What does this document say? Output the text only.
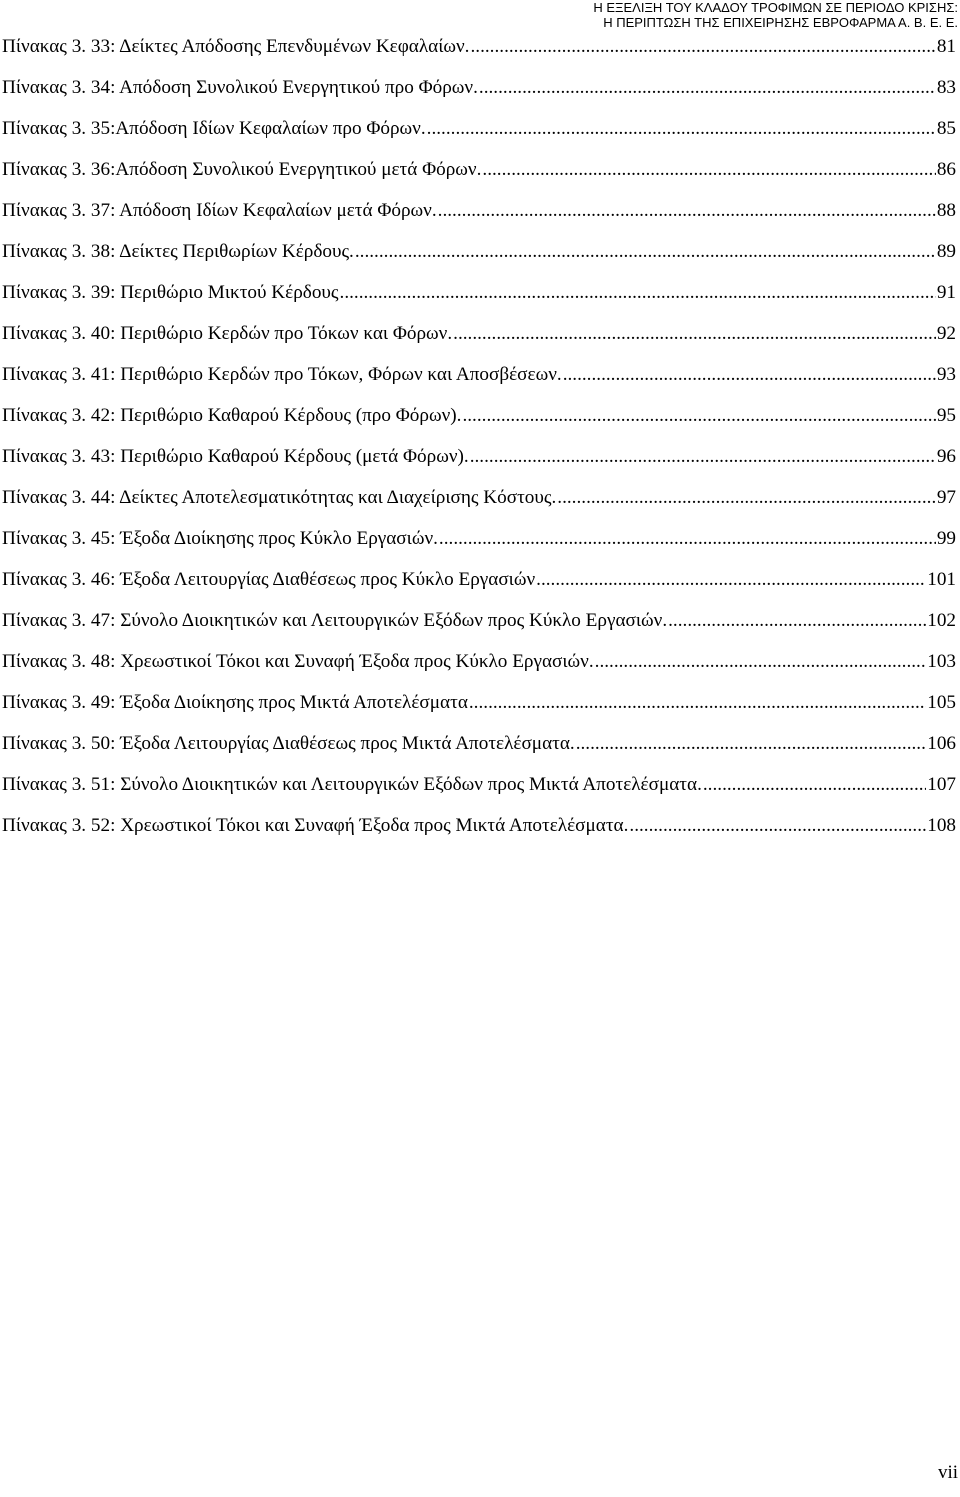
Η ΕΞΕΛΙΞΗ ΤΟΥ ΚΛΑΔΟΥ ΤΡΟΦΙΜΩΝ ΣΕ ΠΕΡΙΟΔΟ ΚΡΙΣΗΣ:
Η ΠΕΡΙΠΤΩΣΗ ΤΗΣ ΕΠΙΧΕΙΡΗΣΗΣ ΕΒΡΟΦΑΡΜΑ Α. Β. Ε. Ε.
Πίνακας 3. 33: Δείκτες Απόδοσης Επενδυμένων Κεφαλαίων. .....	81
Πίνακας 3. 34: Απόδοση Συνολικού Ενεργητικού προ Φόρων. .....	83
Πίνακας 3. 35:Απόδοση Ιδίων Κεφαλαίων προ Φόρων. .....	85
Πίνακας 3. 36:Απόδοση Συνολικού Ενεργητικού μετά Φόρων. .....	86
Πίνακας 3. 37: Απόδοση Ιδίων Κεφαλαίων μετά Φόρων. .....	88
Πίνακας 3. 38: Δείκτες Περιθωρίων Κέρδους. .....	89
Πίνακας 3. 39: Περιθώριο Μικτού Κέρδους .....	91
Πίνακας 3. 40: Περιθώριο Κερδών προ Τόκων και Φόρων. .....	92
Πίνακας 3. 41: Περιθώριο Κερδών προ Τόκων, Φόρων και Αποσβέσεων. .....	93
Πίνακας 3. 42: Περιθώριο Καθαρού Κέρδους (προ Φόρων). .....	95
Πίνακας 3. 43: Περιθώριο Καθαρού Κέρδους (μετά Φόρων). .....	96
Πίνακας 3. 44: Δείκτες Αποτελεσματικότητας και Διαχείρισης Κόστους. .....	97
Πίνακας 3. 45: Έξοδα Διοίκησης προς Κύκλο Εργασιών. .....	99
Πίνακας 3. 46: Έξοδα Λειτουργίας Διαθέσεως προς Κύκλο Εργασιών .....	101
Πίνακας 3. 47: Σύνολο Διοικητικών και Λειτουργικών Εξόδων προς Κύκλο Εργασιών. .....	102
Πίνακας 3. 48: Χρεωστικοί Τόκοι και Συναφή Έξοδα προς Κύκλο Εργασιών. .....	103
Πίνακας 3. 49: Έξοδα Διοίκησης προς Μικτά Αποτελέσματα .....	105
Πίνακας 3. 50: Έξοδα Λειτουργίας Διαθέσεως προς Μικτά Αποτελέσματα. .....	106
Πίνακας 3. 51: Σύνολο Διοικητικών και Λειτουργικών Εξόδων προς Μικτά Αποτελέσματα. .....	107
Πίνακας 3. 52: Χρεωστικοί Τόκοι και Συναφή Έξοδα προς Μικτά Αποτελέσματα. .....	108
vii
